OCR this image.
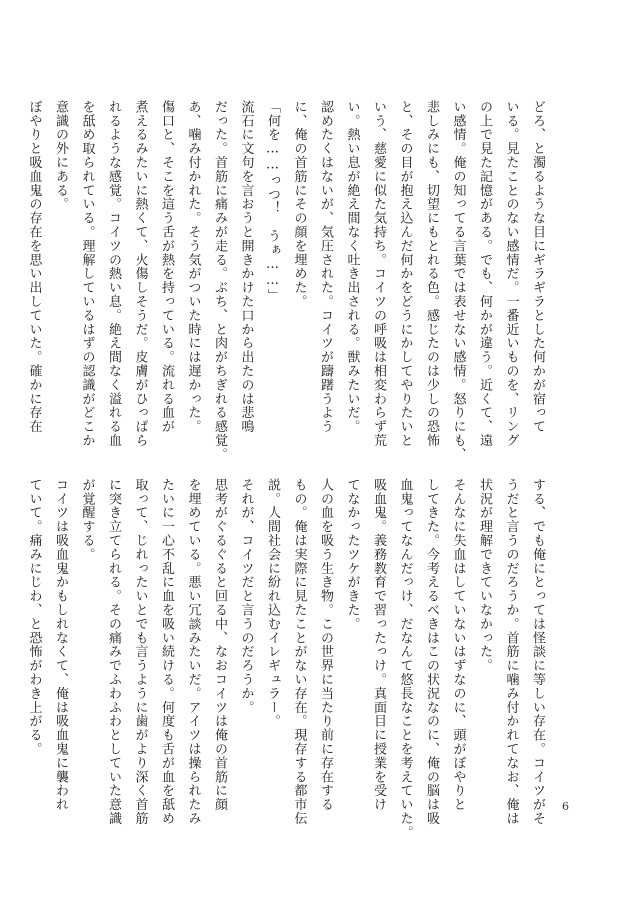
どろ、と濁るような目にギラギラとした何かが宿って

いる。見たことのない感情だ。一番近いものを、リング

の上で見た記憶がある。でも、何かが違う。近くて、遠

い感情。俺の知ってる言葉では表せない感情。怒りにも、

悲しみにも、切望にもとれる色。感じたのは少しの恐怖

と、その目が抱え込んだ何かをどうにかしてやりたいと

いう、慈愛に似た気持ち。コイツの呼吸は相変わらず荒

い。熱い息が絶え間なく吐き出される。獣みたいだ。

認めたくはないが、気圧された。コイツが躊躇うよう

に、俺の首筋にその顔を埋めた。

「何を……っつ！　うぁ……」

流石に文句を言おうと開きかけた口から出たのは悲鳴

だった。首筋に痛みが走る。ぶち、と肉がちぎれる感覚。

あ、噛み付かれた。そう気がついた時には遅かった。

傷口と、そこを這う舌が熱を持っている。流れる血が

煮えるみたいに熱くて、火傷しそうだ。皮膚がひっぱら

れるような感覚。コイツの熱い息。絶え間なく溢れる血

を舐め取られている。理解しているはずの認識がどこか

意識の外にある。

ぼやりと吸血鬼の存在を思い出していた。確かに存在

する、でも俺にとっては怪談に等しい存在。コイツがそ

うだと言うのだろうか。首筋に噛み付かれてなお、俺は

状況が理解できていなかった。

そんなに失血はしていないはずなのに、頭がぼやりと

してきた。今考えるべきはこの状況なのに、俺の脳は吸

血鬼ってなんだっけ、だなんて悠長なことを考えていた。

吸血鬼。義務教育で習ったっけ。真面目に授業を受け

てなかったツケがきた。

人の血を吸う生き物。この世界に当たり前に存在する

もの。俺は実際に見たことがない存在。現存する都市伝

説。人間社会に紛れ込むイレギュラー。

それが、コイツだと言うのだろうか。

思考がぐるぐると回る中、なおコイツは俺の首筋に顔

を埋めている。悪い冗談みたいだ。アイツは操られたみ

たいに一心不乱に血を吸い続ける。何度も舌が血を舐め

取って、じれったいとでも言うように歯がより深く首筋

に突き立てられる。その痛みでふわふわとしていた意識

が覚醒する。

コイツは吸血鬼かもしれなくて、俺は吸血鬼に襲われ

ていて。痛みにじわ、と恐怖がわき上がる。

6
